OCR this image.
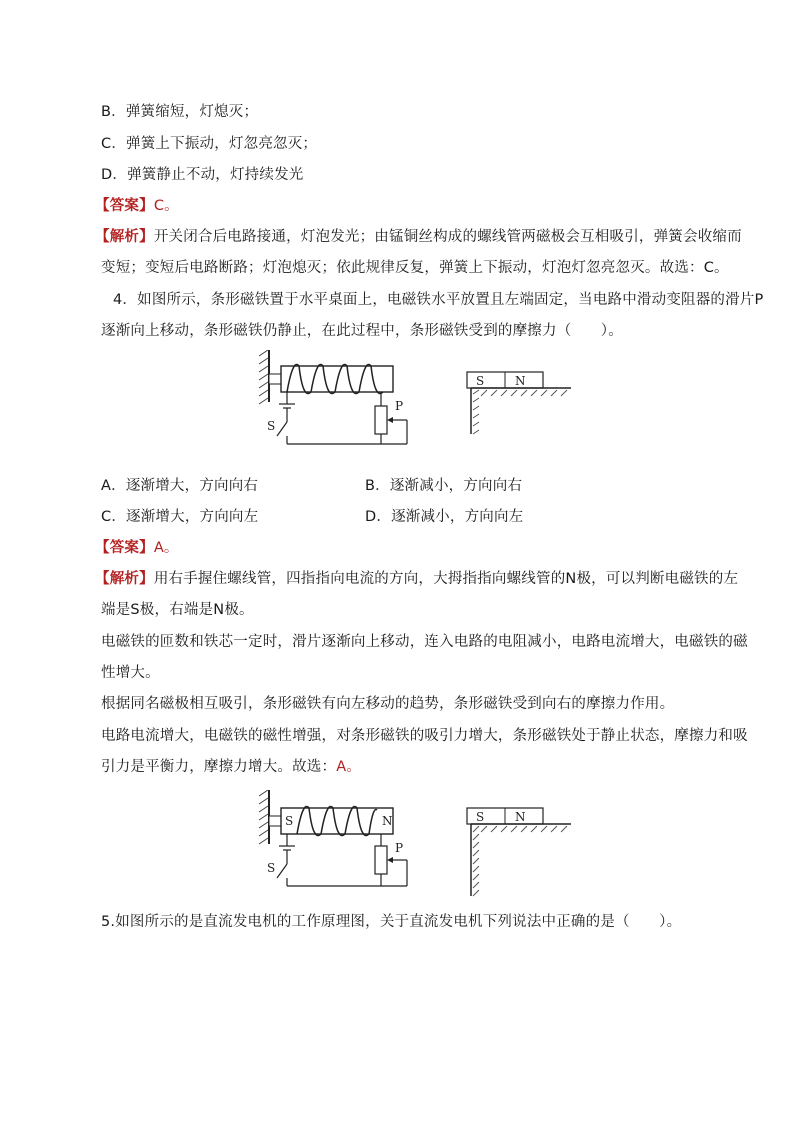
B．弹簧缩短，灯熄灭；
C．弹簧上下振动，灯忽亮忽灭；
D．弹簧静止不动，灯持续发光
【答案】C。
【解析】开关闭合后电路接通，灯泡发光；由锰铜丝构成的螺线管两磁极会互相吸引，弹簧会收缩而
变短；变短后电路断路；灯泡熄灭；依此规律反复，弹簧上下振动，灯泡灯忽亮忽灭。故选：C。
4．如图所示，条形磁铁置于水平桌面上，电磁铁水平放置且左端固定，当电路中滑动变阻器的滑片P
逐渐向上移动，条形磁铁仍静止，在此过程中，条形磁铁受到的摩擦力（　　）。
S
P
S	N
A．逐渐增大，方向向右	B．逐渐减小，方向向右
C．逐渐增大，方向向左	D．逐渐减小，方向向左
【答案】A。
【解析】用右手握住螺线管，四指指向电流的方向，大拇指指向螺线管的N极，可以判断电磁铁的左
端是S极，右端是N极。
电磁铁的匝数和铁芯一定时，滑片逐渐向上移动，连入电路的电阻减小，电路电流增大，电磁铁的磁
性增大。
根据同名磁极相互吸引，条形磁铁有向左移动的趋势，条形磁铁受到向右的摩擦力作用。
电路电流增大，电磁铁的磁性增强，对条形磁铁的吸引力增大，条形磁铁处于静止状态，摩擦力和吸
引力是平衡力，摩擦力增大。故选：A。
S	N
S
P
S	N
5.如图所示的是直流发电机的工作原理图，关于直流发电机下列说法中正确的是（　　）。
